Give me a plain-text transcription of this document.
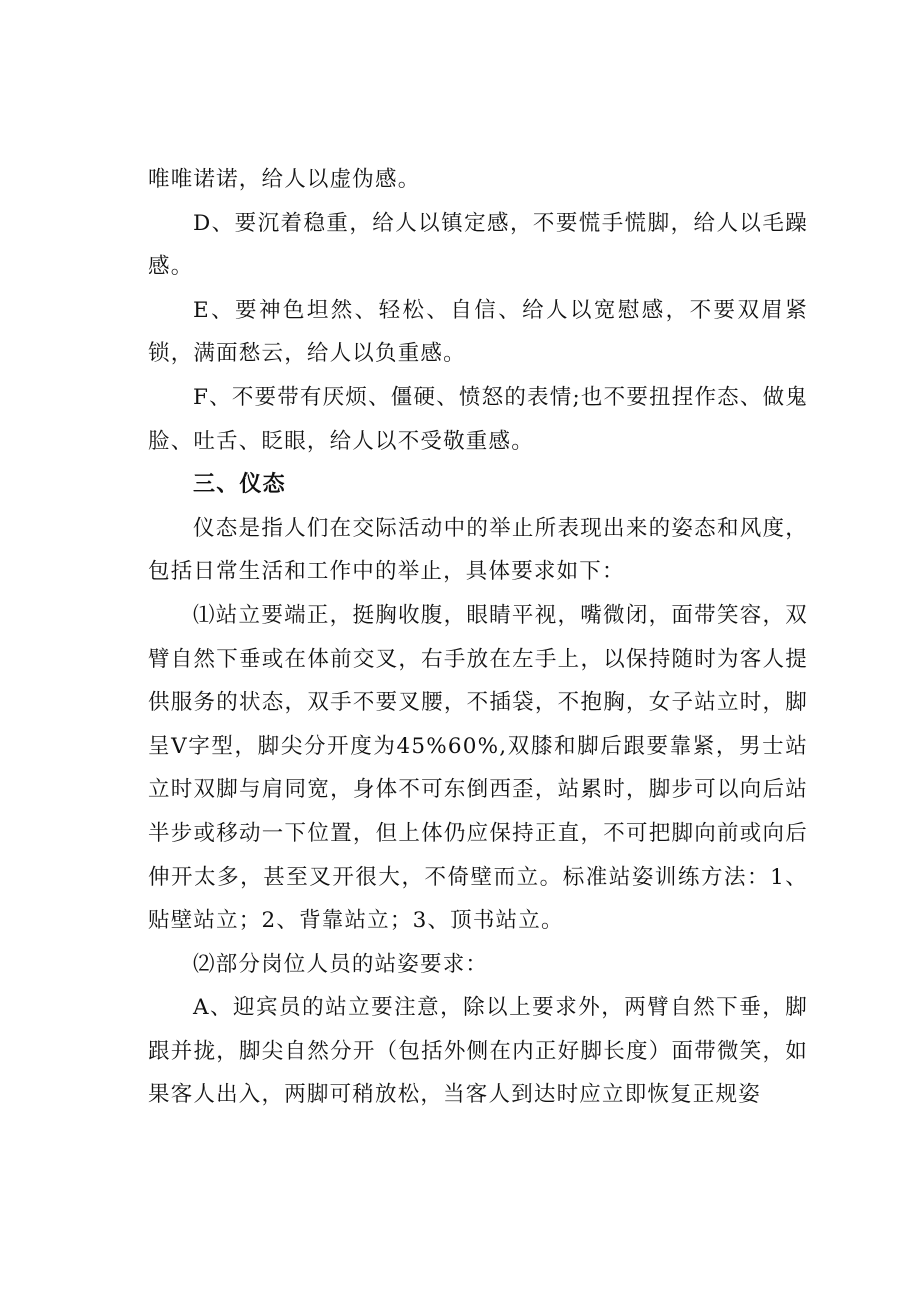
唯唯诺诺，给人以虚伪感。

D、要沉着稳重，给人以镇定感，不要慌手慌脚，给人以毛躁感。

E、要神色坦然、轻松、自信、给人以宽慰感，不要双眉紧锁，满面愁云，给人以负重感。

F、不要带有厌烦、僵硬、愤怒的表情;也不要扭捏作态、做鬼脸、吐舌、眨眼，给人以不受敬重感。

三、仪态

仪态是指人们在交际活动中的举止所表现出来的姿态和风度，包括日常生活和工作中的举止，具体要求如下：

⑴站立要端正，挺胸收腹，眼睛平视，嘴微闭，面带笑容，双臂自然下垂或在体前交叉，右手放在左手上，以保持随时为客人提供服务的状态，双手不要叉腰，不插袋，不抱胸，女子站立时，脚呈V字型，脚尖分开度为45%60%,双膝和脚后跟要靠紧，男士站立时双脚与肩同宽，身体不可东倒西歪，站累时，脚步可以向后站半步或移动一下位置，但上体仍应保持正直，不可把脚向前或向后伸开太多，甚至叉开很大，不倚壁而立。标准站姿训练方法：1、贴壁站立；2、背靠站立；3、顶书站立。

⑵部分岗位人员的站姿要求：

A、迎宾员的站立要注意，除以上要求外，两臂自然下垂，脚跟并拢，脚尖自然分开（包括外侧在内正好脚长度）面带微笑，如果客人出入，两脚可稍放松，当客人到达时应立即恢复正规姿
